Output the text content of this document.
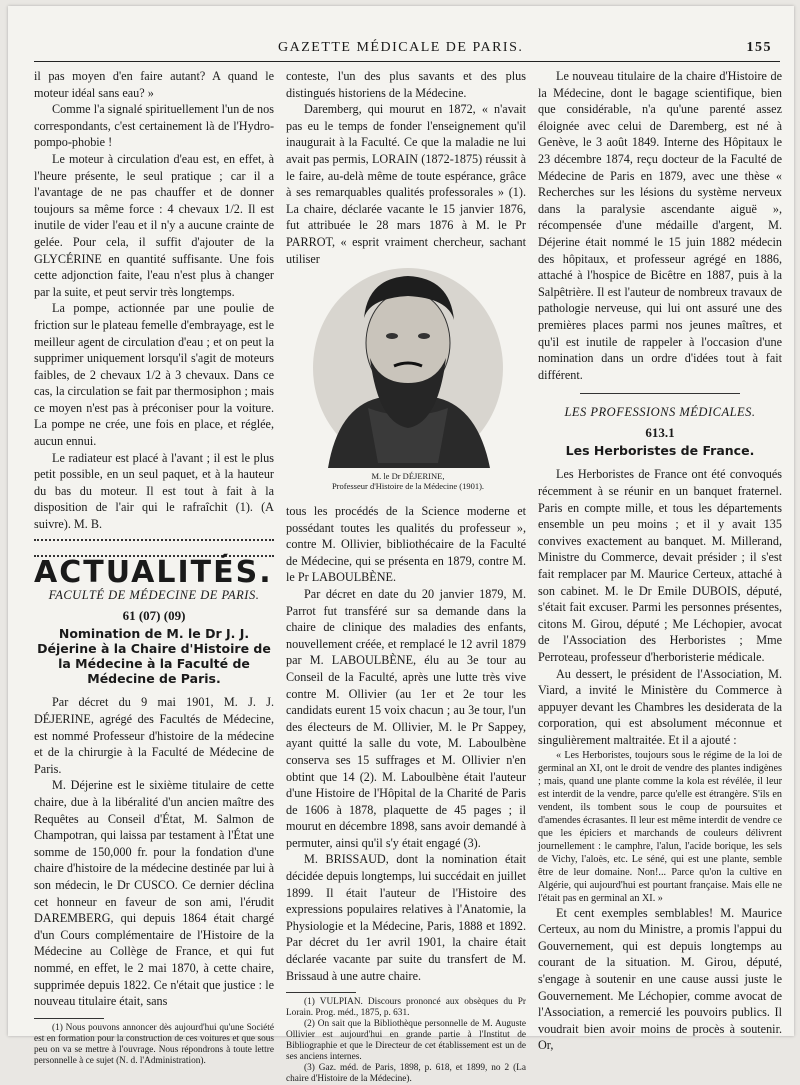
GAZETTE MÉDICALE DE PARIS.	155

il pas moyen d'en faire autant? A quand le moteur idéal sans eau? »

Comme l'a signalé spirituellement l'un de nos correspondants, c'est certainement là de l'Hydro-pompo-phobie !

Le moteur à circulation d'eau est, en effet, à l'heure présente, le seul pratique ; car il a l'avantage de ne pas chauffer et de donner toujours sa même force : 4 chevaux 1/2. Il est inutile de vider l'eau et il n'y a aucune crainte de gelée. Pour cela, il suffit d'ajouter de la GLYCÉRINE en quantité suffisante. Une fois cette adjonction faite, l'eau n'est plus à changer par la suite, et peut servir très longtemps.

La pompe, actionnée par une poulie de friction sur le plateau femelle d'embrayage, est le meilleur agent de circulation d'eau ; et on peut la supprimer uniquement lorsqu'il s'agit de moteurs faibles, de 2 chevaux 1/2 à 3 chevaux. Dans ce cas, la circulation se fait par thermosiphon ; mais ce moyen n'est pas à préconiser pour la voiture. La pompe ne crée, une fois en place, et réglée, aucun ennui.

Le radiateur est placé à l'avant ; il est le plus petit possible, en un seul paquet, et à la hauteur du bas du moteur. Il est tout à fait à la disposition de l'air qui le rafraîchit (1). (A suivre). M. B.

ACTUALITÉS.
FACULTÉ DE MÉDECINE DE PARIS.
61 (07) (09)
Nomination de M. le Dr J. J. Déjerine à la Chaire d'Histoire de la Médecine à la Faculté de Médecine de Paris.

Par décret du 9 mai 1901, M. J. J. DÉJERINE, agrégé des Facultés de Médecine, est nommé Professeur d'histoire de la médecine et de la chirurgie à la Faculté de Médecine de Paris.

M. Déjerine est le sixième titulaire de cette chaire, due à la libéralité d'un ancien maître des Requêtes au Conseil d'État, M. Salmon de Champotran, qui laissa par testament à l'État une somme de 150,000 fr. pour la fondation d'une chaire d'histoire de la médecine destinée par lui à son médecin, le Dr CUSCO. Ce dernier déclina cet honneur en faveur de son ami, l'érudit DAREMBERG, qui depuis 1864 était chargé d'un Cours complémentaire de l'Histoire de la Médecine au Collège de France, et qui fut nommé, en effet, le 2 mai 1870, à cette chaire, supprimée depuis 1822. Ce n'était que justice : le nouveau titulaire était, sans

(1) Nous pouvons annoncer dès aujourd'hui qu'une Société est en formation pour la construction de ces voitures et que sous peu on va se mettre à l'ouvrage. Nous répondrons à toute lettre personnelle à ce sujet (N. d. l'Administration).

conteste, l'un des plus savants et des plus distingués historiens de la Médecine.

Daremberg, qui mourut en 1872, « n'avait pas eu le temps de fonder l'enseignement qu'il inaugurait à la Faculté. Ce que la maladie ne lui avait pas permis, LORAIN (1872-1875) réussit à le faire, au-delà même de toute espérance, grâce à ses remarquables qualités professorales » (1). La chaire, déclarée vacante le 15 janvier 1876, fut attribuée le 28 mars 1876 à M. le Pr PARROT, « esprit vraiment chercheur, sachant utiliser

M. le Dr DÉJERINE,
Professeur d'Histoire de la Médecine (1901).

tous les procédés de la Science moderne et possédant toutes les qualités du professeur », contre M. Ollivier, bibliothécaire de la Faculté de Médecine, qui se présenta en 1879, contre M. le Pr LABOULBÈNE.

Par décret en date du 20 janvier 1879, M. Parrot fut transféré sur sa demande dans la chaire de clinique des maladies des enfants, nouvellement créée, et remplacé le 12 avril 1879 par M. LABOULBÈNE, élu au 3e tour au Conseil de la Faculté, après une lutte très vive contre M. Ollivier (au 1er et 2e tour les candidats eurent 15 voix chacun ; au 3e tour, l'un des électeurs de M. Ollivier, M. le Pr Sappey, ayant quitté la salle du vote, M. Laboulbène conserva ses 15 suffrages et M. Ollivier n'en obtint que 14 (2). M. Laboulbène était l'auteur d'une Histoire de l'Hôpital de la Charité de Paris de 1606 à 1878, plaquette de 45 pages ; il mourut en décembre 1898, sans avoir demandé à permuter, ainsi qu'il s'y était engagé (3).

M. BRISSAUD, dont la nomination était décidée depuis longtemps, lui succédait en juillet 1899. Il était l'auteur de l'Histoire des expressions populaires relatives à l'Anatomie, la Physiologie et la Médecine, Paris, 1888 et 1892. Par décret du 1er avril 1901, la chaire était déclarée vacante par suite du transfert de M. Brissaud à une autre chaire.

(1) VULPIAN. Discours prononcé aux obsèques du Pr Lorain. Prog. méd., 1875, p. 631.

(2) On sait que la Bibliothèque personnelle de M. Auguste Ollivier est aujourd'hui en grande partie à l'Institut de Bibliographie et que le Directeur de cet établissement est un de ses anciens internes.

(3) Gaz. méd. de Paris, 1898, p. 618, et 1899, no 2 (La chaire d'Histoire de la Médecine).

Le nouveau titulaire de la chaire d'Histoire de la Médecine, dont le bagage scientifique, bien que considérable, n'a qu'une parenté assez éloignée avec celui de Daremberg, est né à Genève, le 3 août 1849. Interne des Hôpitaux le 23 décembre 1874, reçu docteur de la Faculté de Médecine de Paris en 1879, avec une thèse « Recherches sur les lésions du système nerveux dans la paralysie ascendante aiguë », récompensée d'une médaille d'argent, M. Déjerine était nommé le 15 juin 1882 médecin des hôpitaux, et professeur agrégé en 1886, attaché à l'hospice de Bicêtre en 1887, puis à la Salpêtrière. Il est l'auteur de nombreux travaux de pathologie nerveuse, qui lui ont assuré une des premières places parmi nos jeunes maîtres, et qu'il est inutile de rappeler à l'occasion d'une nomination dans un ordre d'idées tout à fait différent.

LES PROFESSIONS MÉDICALES.
613.1
Les Herboristes de France.

Les Herboristes de France ont été convoqués récemment à se réunir en un banquet fraternel. Paris en compte mille, et tous les départements ensemble un peu moins ; et il y avait 135 convives exactement au banquet. M. Millerand, Ministre du Commerce, devait présider ; il s'est fait remplacer par M. Maurice Certeux, attaché à son cabinet. M. le Dr Emile DUBOIS, député, s'était fait excuser. Parmi les personnes présentes, citons M. Girou, député ; Me Léchopier, avocat de l'Association des Herboristes ; Mme Perroteau, professeur d'herboristerie médicale.

Au dessert, le président de l'Association, M. Viard, a invité le Ministère du Commerce à appuyer devant les Chambres les desiderata de la corporation, qui est absolument méconnue et singulièrement maltraitée. Et il a ajouté :

« Les Herboristes, toujours sous le régime de la loi de germinal an XI, ont le droit de vendre des plantes indigènes ; mais, quand une plante comme la kola est révélée, il leur est interdit de la vendre, parce qu'elle est étrangère. S'ils en vendent, ils tombent sous le coup de poursuites et d'amendes écrasantes. Il leur est même interdit de vendre ce que les épiciers et marchands de couleurs délivrent journellement : le camphre, l'alun, l'acide borique, les sels de Vichy, l'aloès, etc. Le séné, qui est une plante, semble être de leur domaine. Non!... Parce qu'on la cultive en Algérie, qui aujourd'hui est pourtant française. Mais elle ne l'était pas en germinal an XI. »

Et cent exemples semblables! M. Maurice Certeux, au nom du Ministre, a promis l'appui du Gouvernement, qui est depuis longtemps au courant de la situation. M. Girou, député, s'engage à soutenir en une cause aussi juste le Gouvernement. Me Léchopier, comme avocat de l'Association, a remercié les pouvoirs publics. Il voudrait bien avoir moins de procès à soutenir. Or,
